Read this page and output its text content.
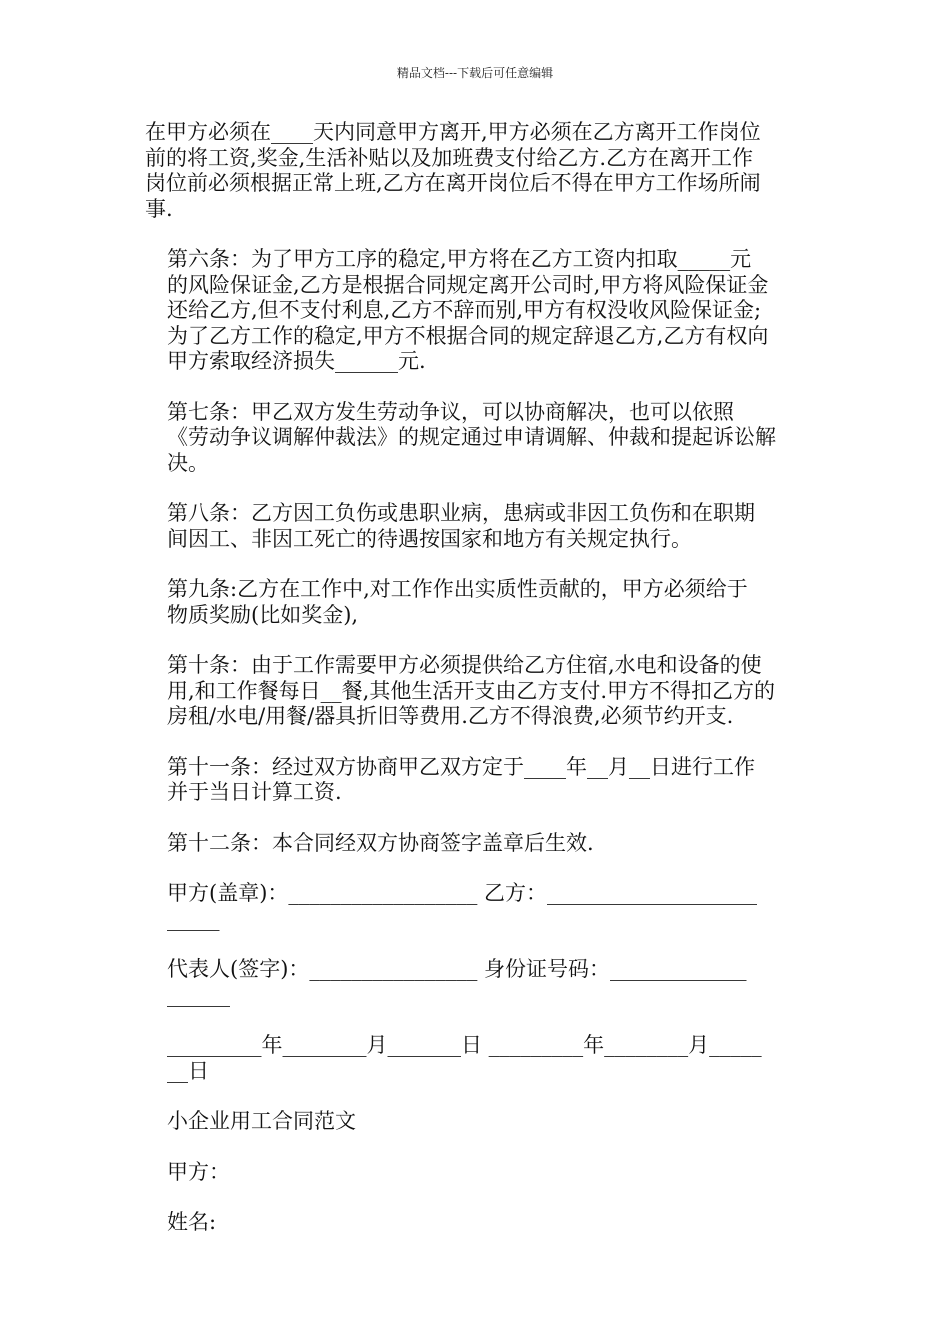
精品文档---下载后可任意编辑
在甲方必须在____天内同意甲方离开,甲方必须在乙方离开工作岗位
前的将工资,奖金,生活补贴以及加班费支付给乙方.乙方在离开工作
岗位前必须根据正常上班,乙方在离开岗位后不得在甲方工作场所闹
事.
第六条：为了甲方工序的稳定,甲方将在乙方工资内扣取_____元
的风险保证金,乙方是根据合同规定离开公司时,甲方将风险保证金
还给乙方,但不支付利息,乙方不辞而别,甲方有权没收风险保证金;
为了乙方工作的稳定,甲方不根据合同的规定辞退乙方,乙方有权向
甲方索取经济损失______元.
第七条：甲乙双方发生劳动争议，可以协商解决，也可以依照
《劳动争议调解仲裁法》的规定通过申请调解、仲裁和提起诉讼解
决。
第八条：乙方因工负伤或患职业病，患病或非因工负伤和在职期
间因工、非因工死亡的待遇按国家和地方有关规定执行。
第九条:乙方在工作中,对工作作出实质性贡献的，甲方必须给于
物质奖励(比如奖金),
第十条：由于工作需要甲方必须提供给乙方住宿,水电和设备的使
用,和工作餐每日__餐,其他生活开支由乙方支付.甲方不得扣乙方的
房租/水电/用餐/器具折旧等费用.乙方不得浪费,必须节约开支.
第十一条：经过双方协商甲乙双方定于____年__月__日进行工作
并于当日计算工资.
第十二条：本合同经双方协商签字盖章后生效.
甲方(盖章)：__________________ 乙方：____________________
_____
代表人(签字)：________________ 身份证号码：_____________
______
_________年________月_______日 _________年________月_____
__日
小企业用工合同范文
甲方：
姓名:
